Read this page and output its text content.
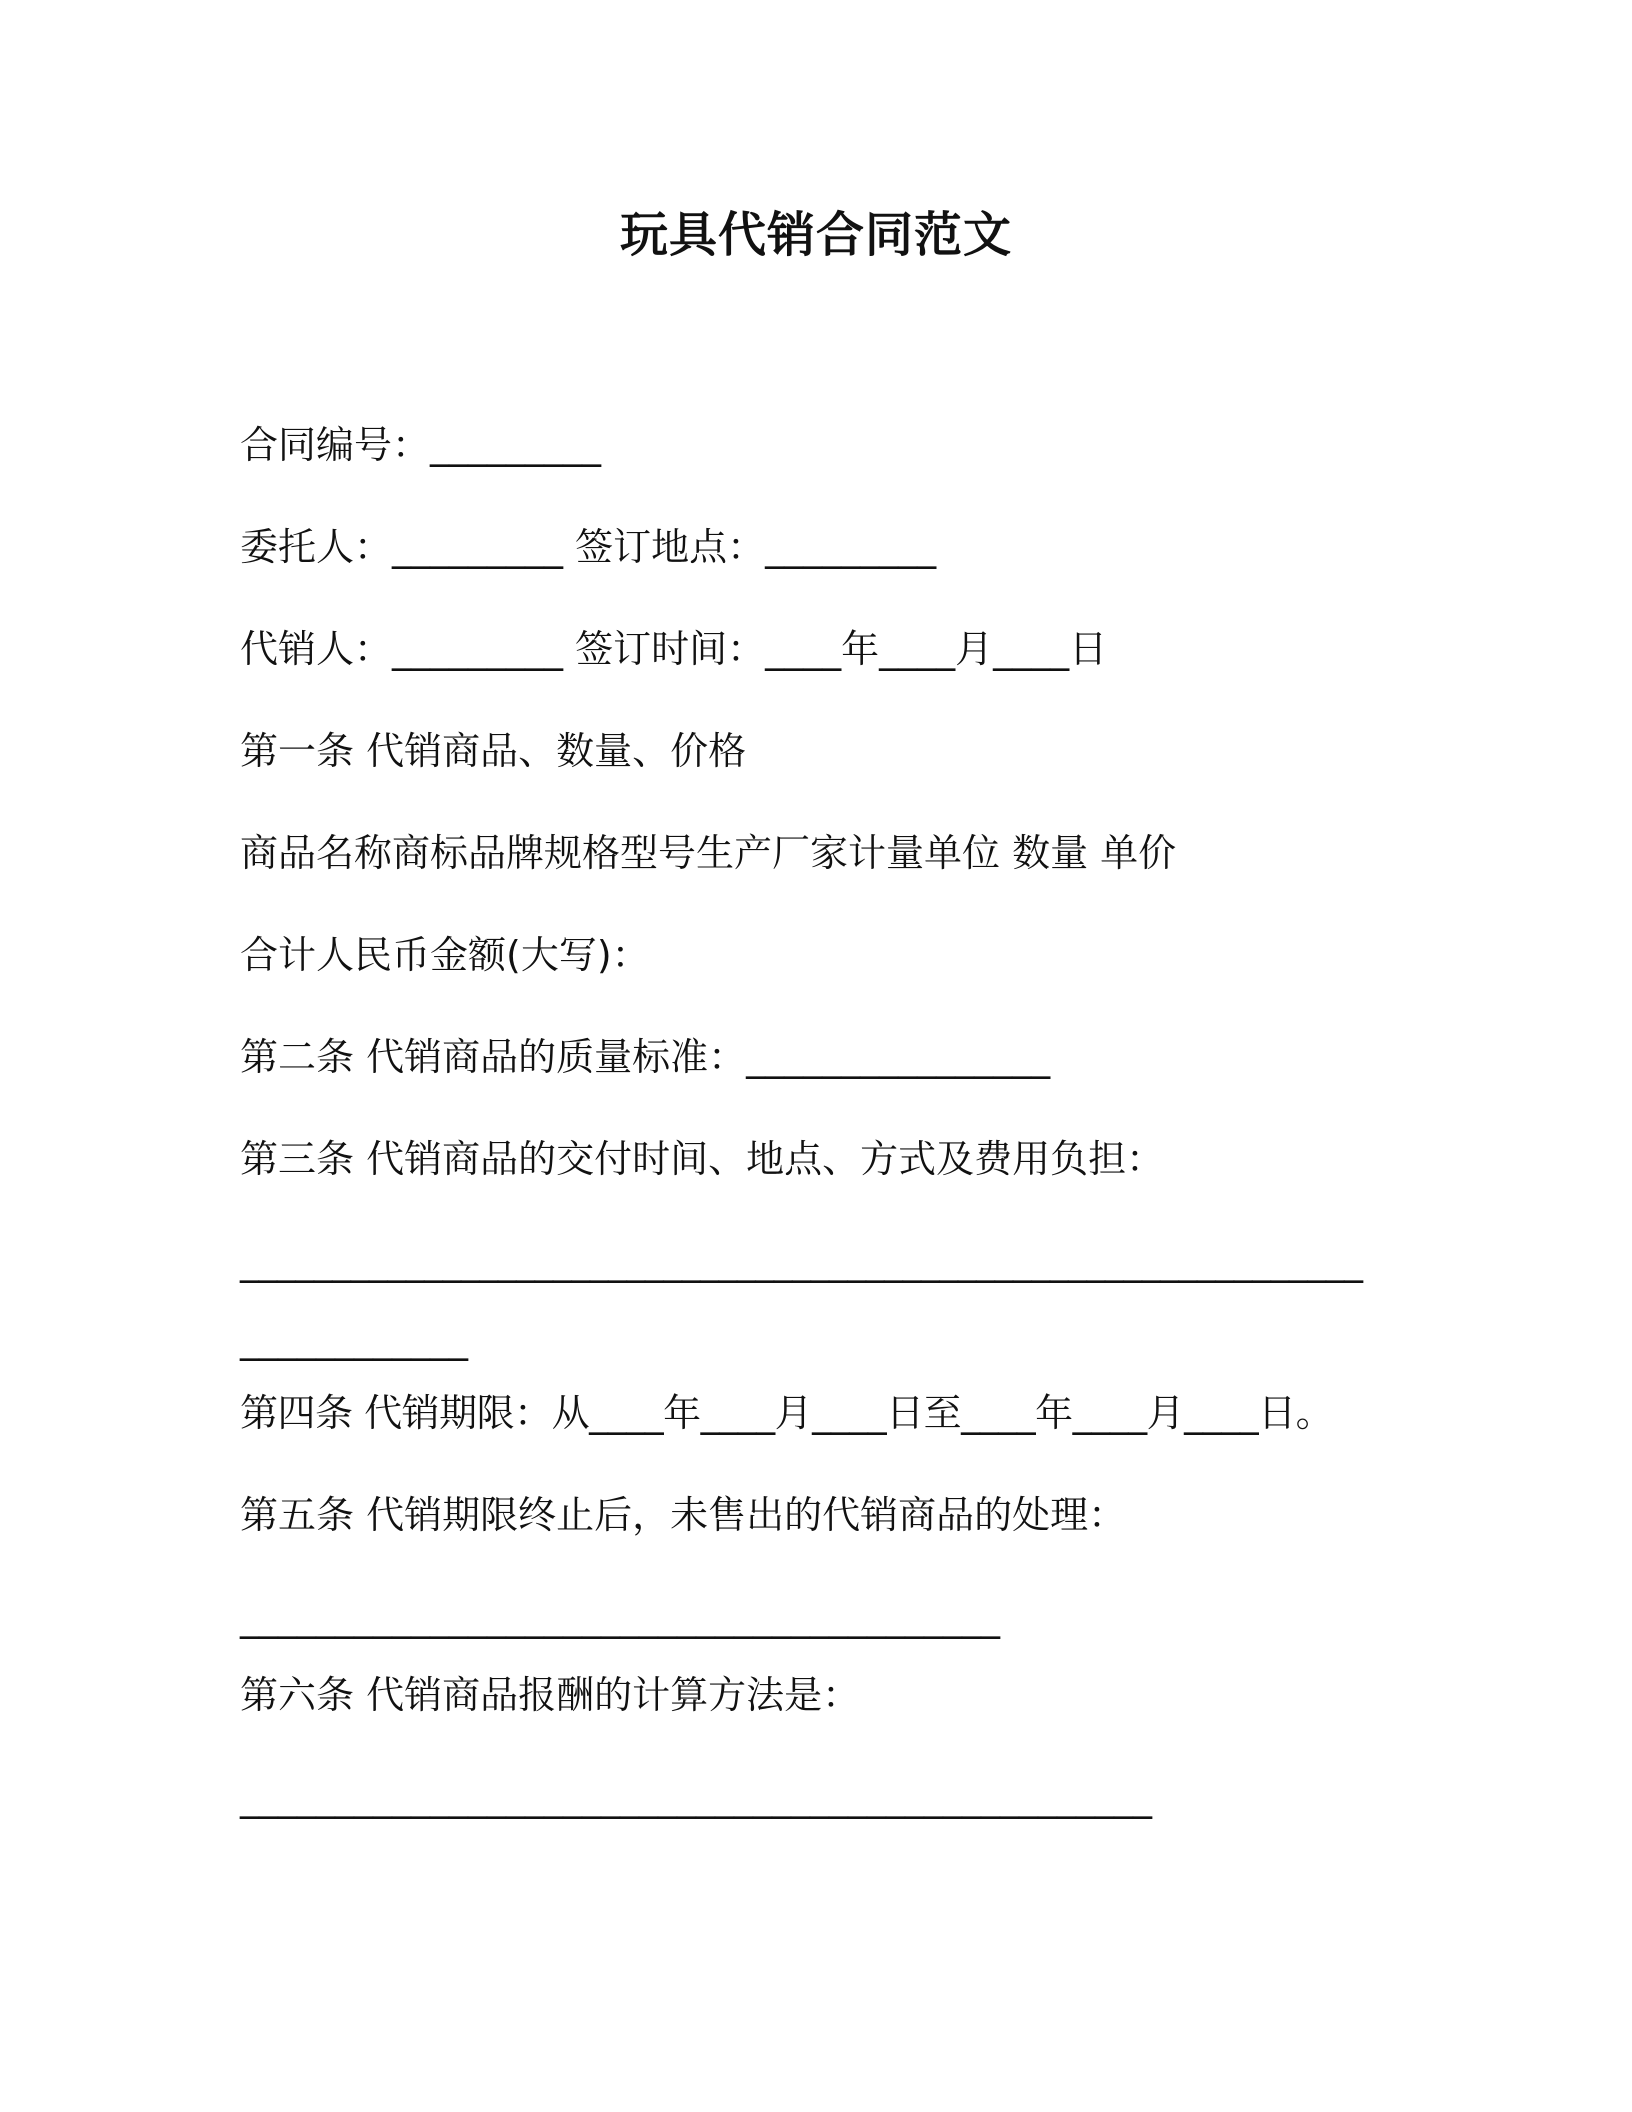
玩具代销合同范文
合同编号：_________
委托人：_________ 签订地点：_________
代销人：_________ 签订时间：____年____月____日
第一条 代销商品、数量、价格
商品名称商标品牌规格型号生产厂家计量单位 数量 单价
合计人民币金额(大写)：
第二条 代销商品的质量标准：________________
第三条 代销商品的交付时间、地点、方式及费用负担：
_____________________________________________________________
____________
第四条 代销期限：从____年____月____日至____年____月____日。
第五条 代销期限终止后，未售出的代销商品的处理：
________________________________________
第六条 代销商品报酬的计算方法是：
________________________________________________
